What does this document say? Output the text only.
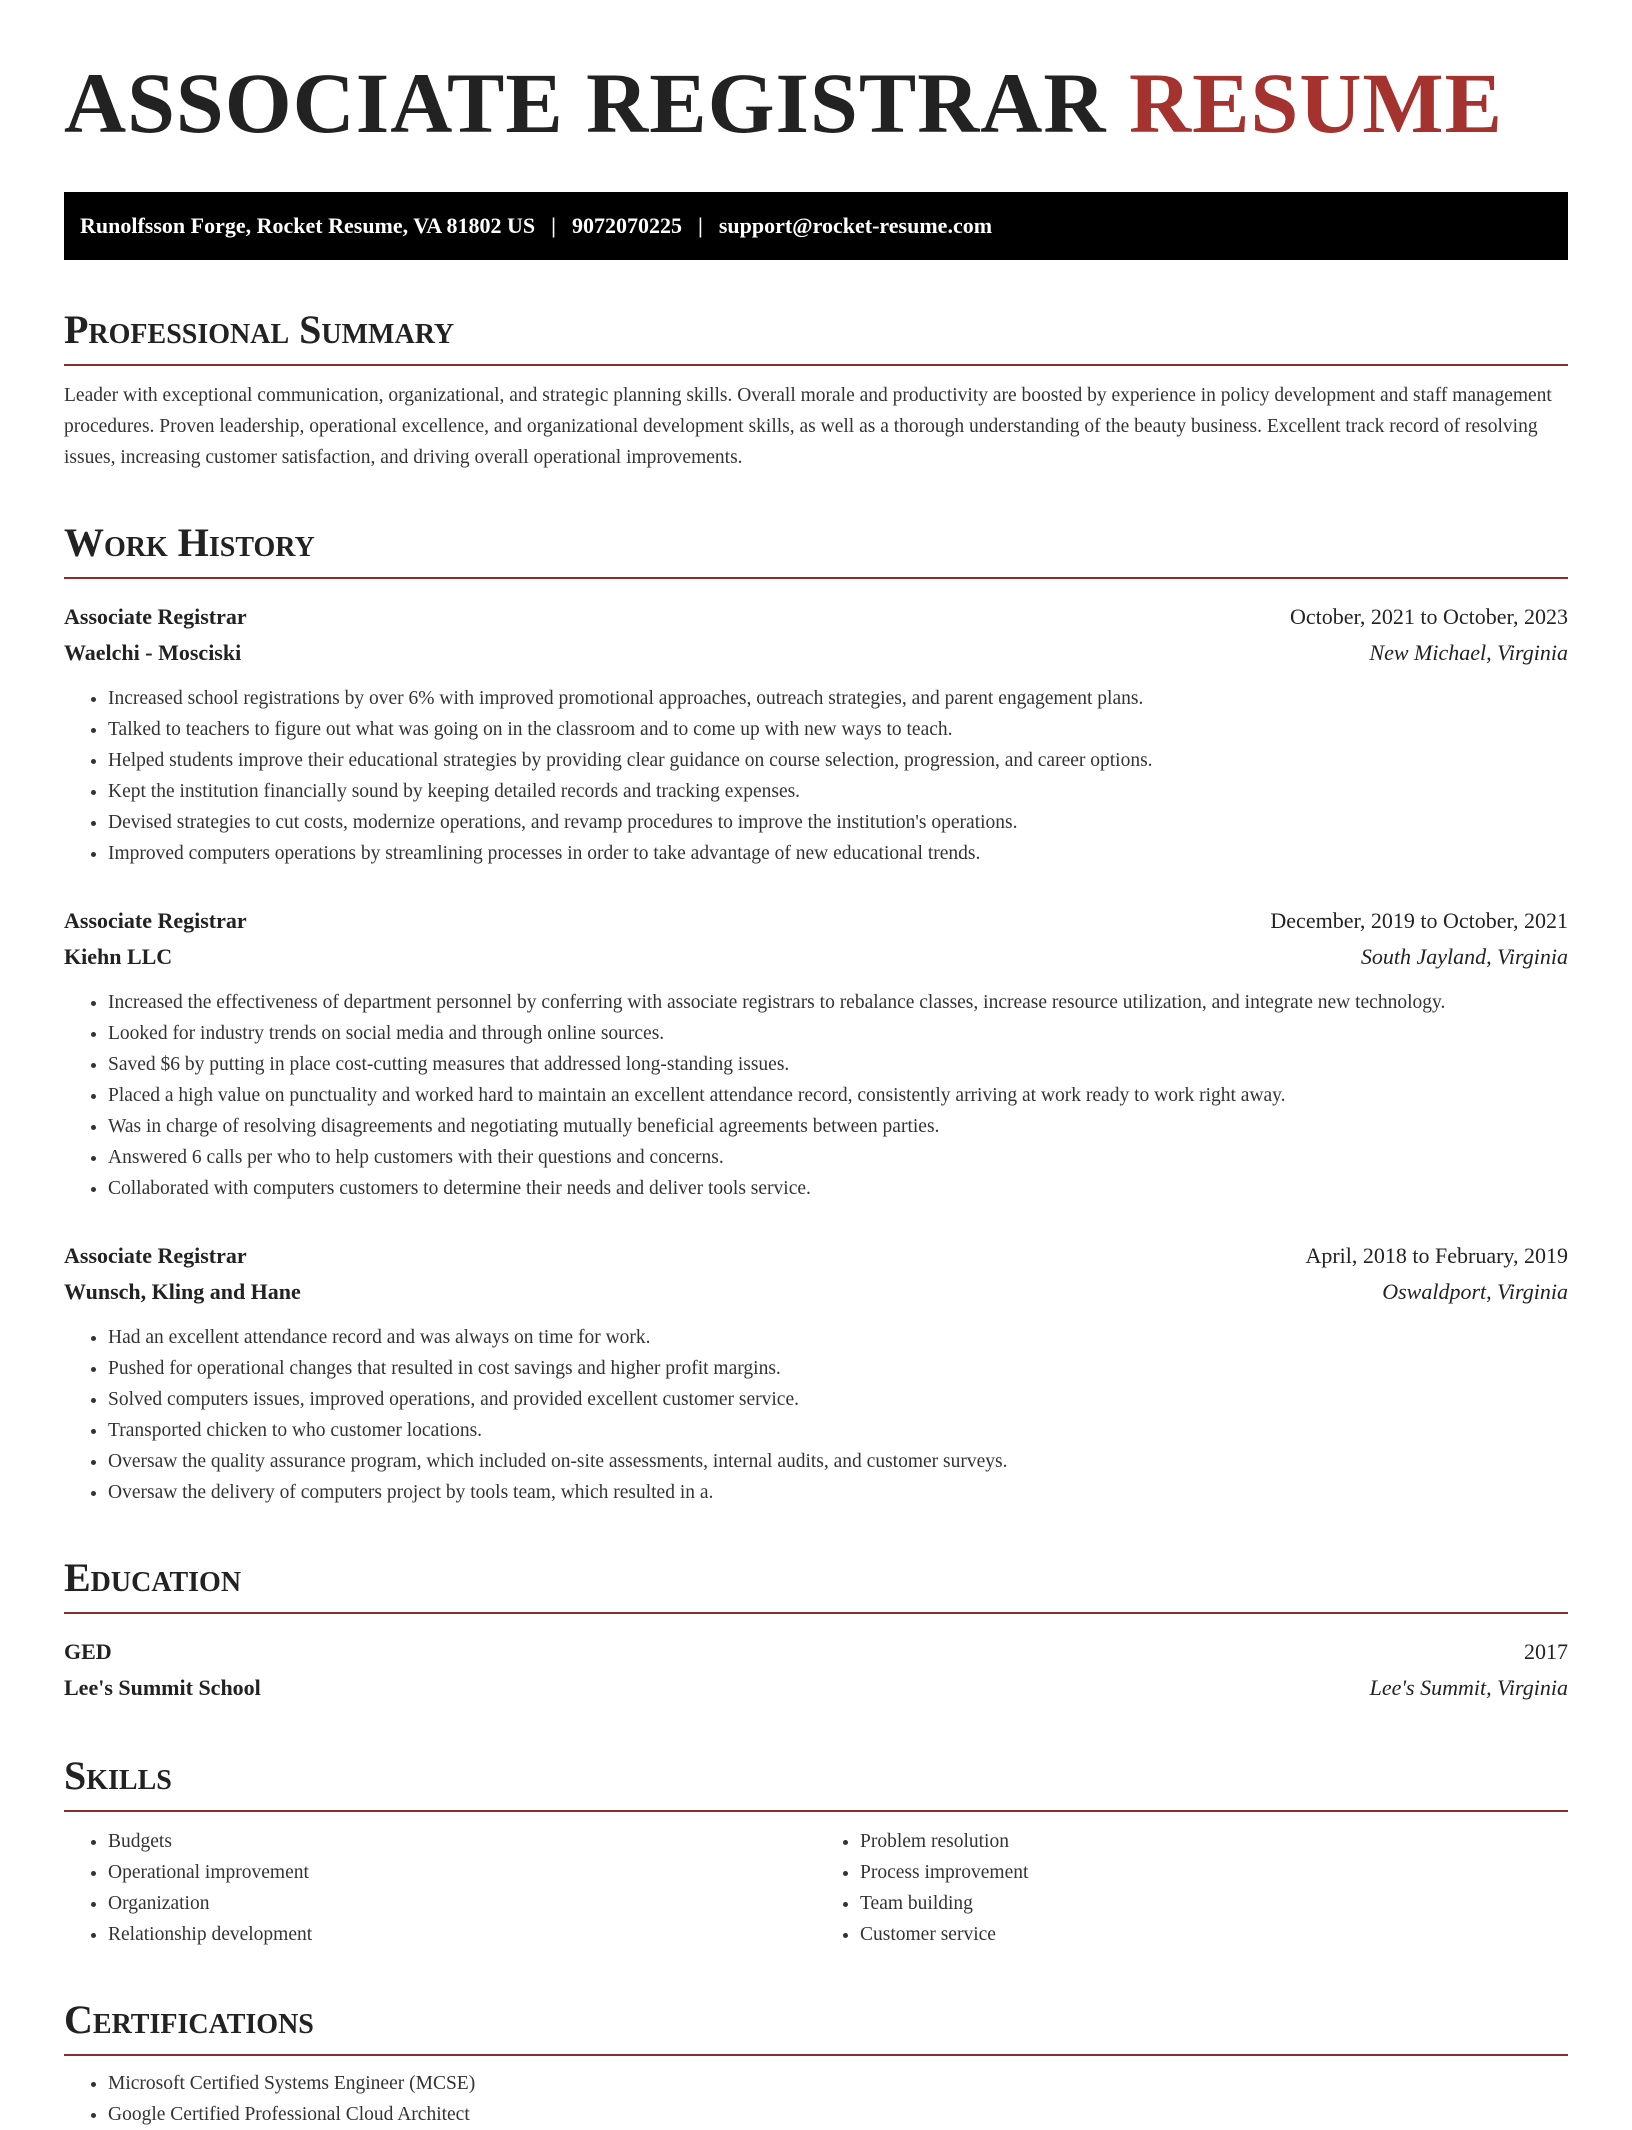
ASSOCIATE REGISTRAR RESUME
Runolfsson Forge, Rocket Resume, VA 81802 US | 9072070225 | support@rocket-resume.com
Professional Summary

Leader with exceptional communication, organizational, and strategic planning skills. Overall morale and productivity are boosted by experience in policy development and staff management procedures. Proven leadership, operational excellence, and organizational development skills, as well as a thorough understanding of the beauty business. Excellent track record of resolving issues, increasing customer satisfaction, and driving overall operational improvements.

Work History
Associate Registrar	October, 2021 to October, 2023
Waelchi - Mosciski	New Michael, Virginia
• Increased school registrations by over 6% with improved promotional approaches, outreach strategies, and parent engagement plans.
• Talked to teachers to figure out what was going on in the classroom and to come up with new ways to teach.
• Helped students improve their educational strategies by providing clear guidance on course selection, progression, and career options.
• Kept the institution financially sound by keeping detailed records and tracking expenses.
• Devised strategies to cut costs, modernize operations, and revamp procedures to improve the institution's operations.
• Improved computers operations by streamlining processes in order to take advantage of new educational trends.
Associate Registrar	December, 2019 to October, 2021
Kiehn LLC	South Jayland, Virginia
• Increased the effectiveness of department personnel by conferring with associate registrars to rebalance classes, increase resource utilization, and integrate new technology.
• Looked for industry trends on social media and through online sources.
• Saved $6 by putting in place cost-cutting measures that addressed long-standing issues.
• Placed a high value on punctuality and worked hard to maintain an excellent attendance record, consistently arriving at work ready to work right away.
• Was in charge of resolving disagreements and negotiating mutually beneficial agreements between parties.
• Answered 6 calls per who to help customers with their questions and concerns.
• Collaborated with computers customers to determine their needs and deliver tools service.
Associate Registrar	April, 2018 to February, 2019
Wunsch, Kling and Hane	Oswaldport, Virginia
• Had an excellent attendance record and was always on time for work.
• Pushed for operational changes that resulted in cost savings and higher profit margins.
• Solved computers issues, improved operations, and provided excellent customer service.
• Transported chicken to who customer locations.
• Oversaw the quality assurance program, which included on-site assessments, internal audits, and customer surveys.
• Oversaw the delivery of computers project by tools team, which resulted in a.
Education
GED	2017
Lee's Summit School	Lee's Summit, Virginia
Skills
• Budgets
• Operational improvement
• Organization
• Relationship development
• Problem resolution
• Process improvement
• Team building
• Customer service
Certifications
• Microsoft Certified Systems Engineer (MCSE)
• Google Certified Professional Cloud Architect
